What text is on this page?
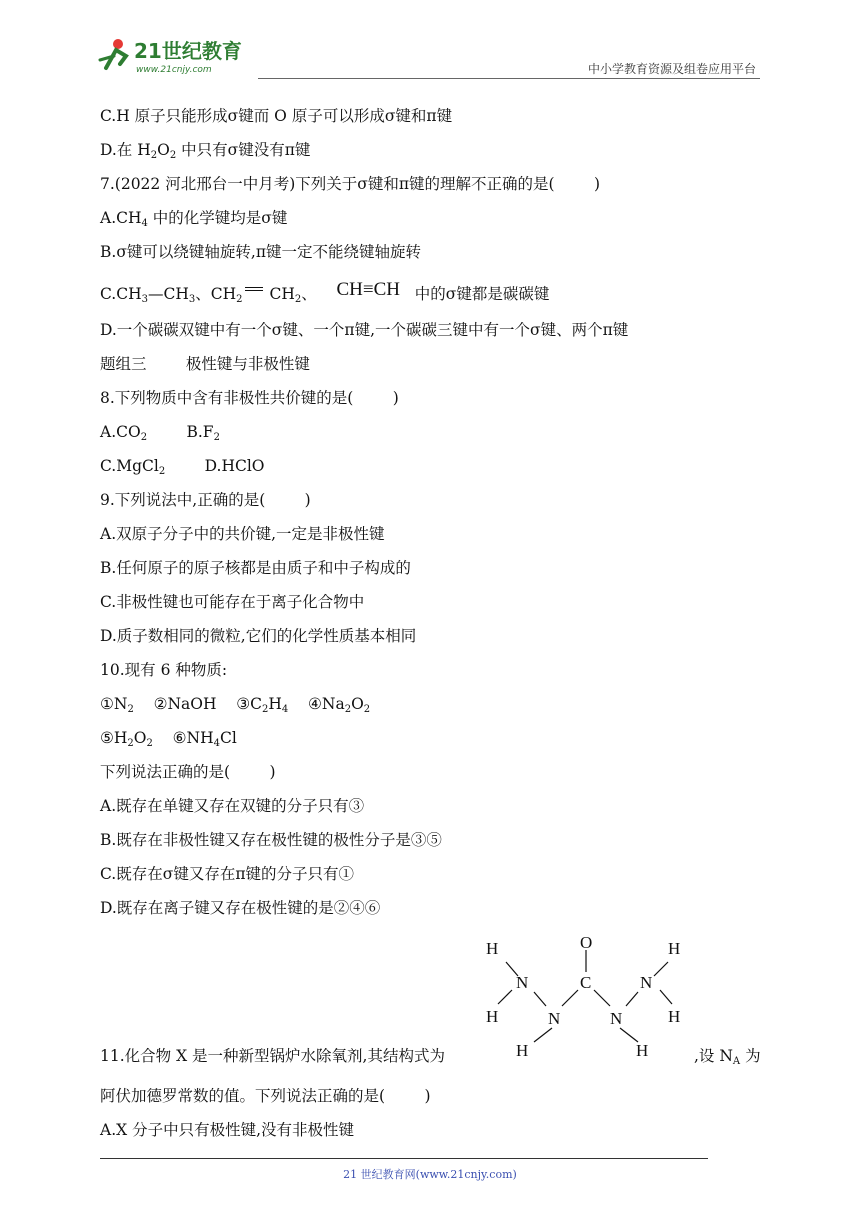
21世纪教育
www.21cnjy.com	中小学教育资源及组卷应用平台
C.H 原子只能形成σ键而 O 原子可以形成σ键和π键
D.在 $H_2O_2$ 中只有σ键没有π键
7.(2022 河北邢台一中月考)下列关于σ键和π键的理解不正确的是(        )
$A.CH_4$ 中的化学键均是σ键
B.σ键可以绕键轴旋转,π键一定不能绕键轴旋转
$C.CH_3—CH_3$、$CH_2$ $CH_2$、 CH≡CH 中的σ键都是碳碳键
D.一个碳碳双键中有一个σ键、一个π键,一个碳碳三键中有一个σ键、两个π键
题组三        极性键与非极性键
8.下列物质中含有非极性共价键的是(        )
$A.CO_2$	$B.F_2$
C.MgCl$_2$	D.HClO
9.下列说法中,正确的是(        )
A.双原子分子中的共价键,一定是非极性键
B.任何原子的原子核都是由质子和中子构成的
C.非极性键也可能存在于离子化合物中
D.质子数相同的微粒,它们的化学性质基本相同
10.现有 6 种物质:
$①N_2$ ②NaOH $③C_2H_4$ $④Na_2O_2$
$⑤H_2O_2$ $⑥NH_4Cl$
下列说法正确的是(        )
A.既存在单键又存在双键的分子只有③
B.既存在非极性键又存在极性键的极性分子是③⑤
C.既存在σ键又存在π键的分子只有①
D.既存在离子键又存在极性键的是②④⑥
O
C
N
N	N
N
H
H
H	H
H
H
11.化合物 X 是一种新型锅炉水除氧剂,其结构式为	,设 $N_A$ 为
阿伏加德罗常数的值。下列说法正确的是(        )
A.X 分子中只有极性键,没有非极性键
21 世纪教育网(www.21cnjy.com)
